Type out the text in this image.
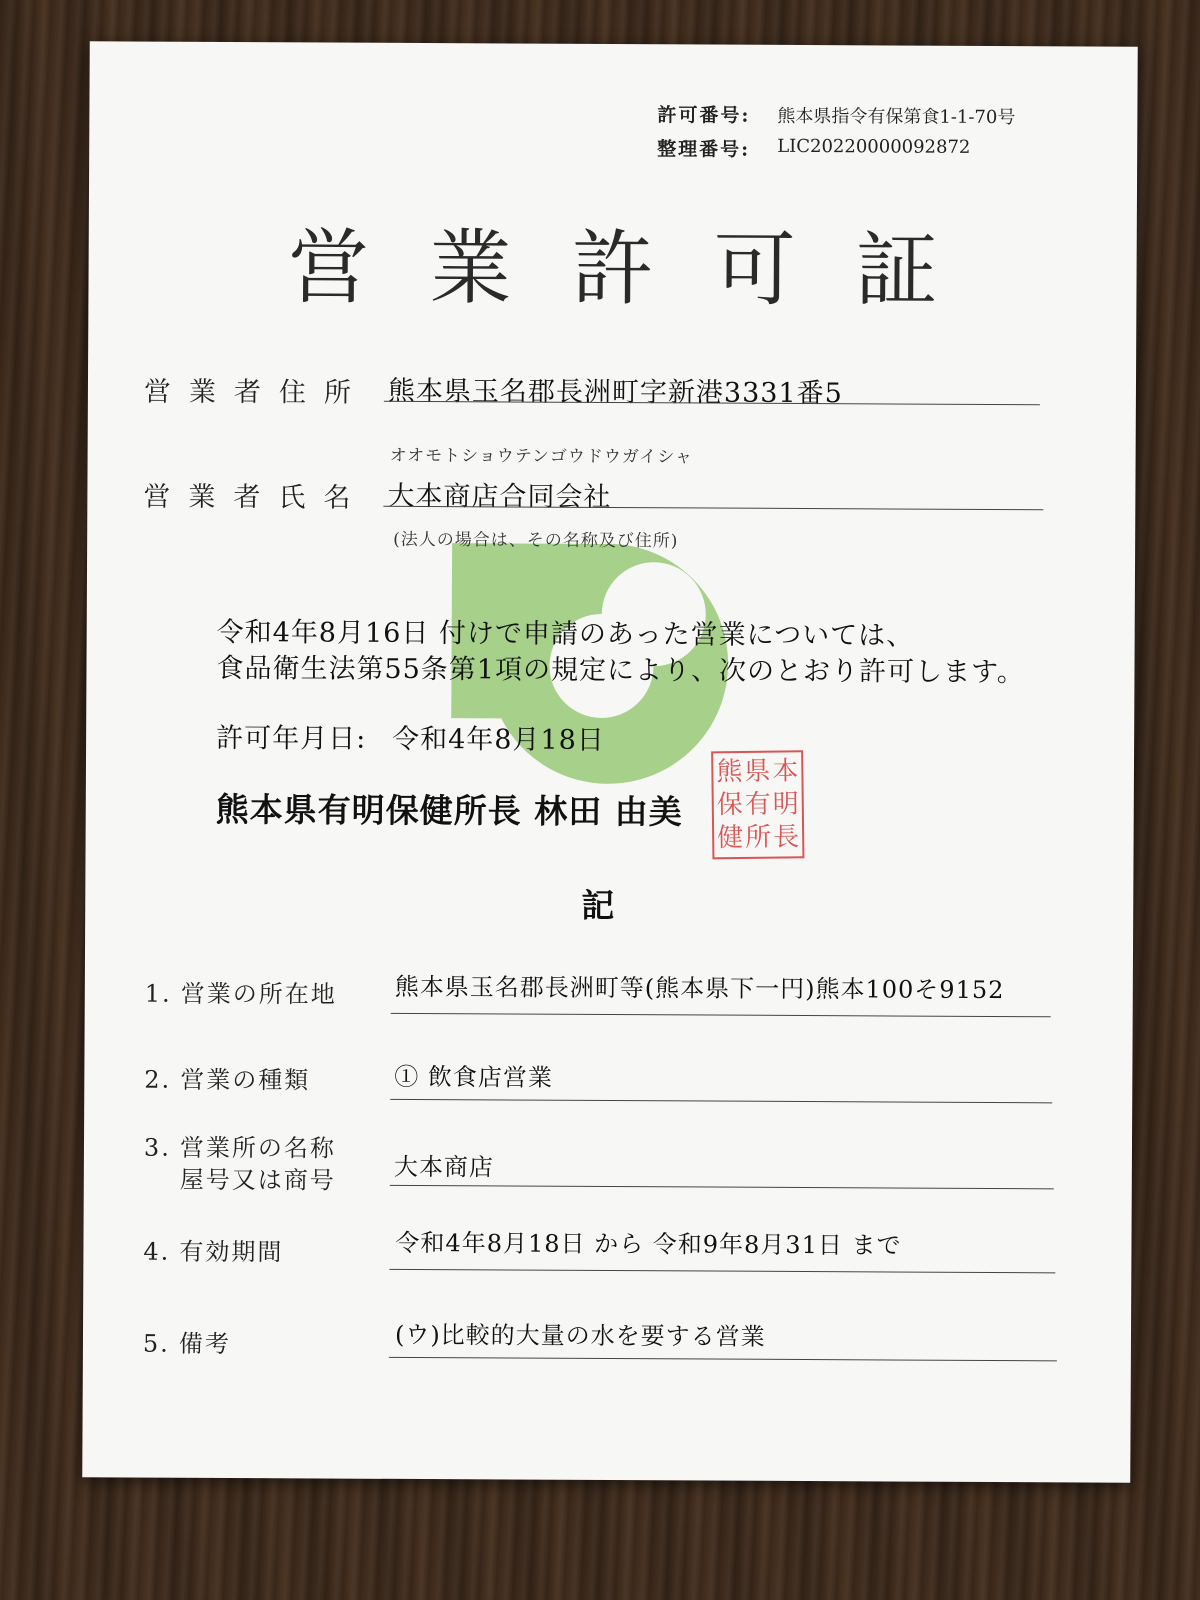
許可番号: 熊本県指令有保第食1-1-70号
整理番号: LIC20220000092872
営業許可証
営業者住所 熊本県玉名郡長洲町字新港3331番5
オオモトショウテンゴウドウガイシャ
営業者氏名 大本商店合同会社
(法人の場合は、その名称及び住所)
令和4年8月16日 付けで申請のあった営業については、
食品衛生法第55条第1項の規定により、次のとおり許可します。
許可年月日: 令和4年8月18日
熊本県有明保健所長 林田 由美
熊 県 本
保 有 明
健 所 長
記
1. 営業の所在地 熊本県玉名郡長洲町等(熊本県下一円)熊本100そ9152
2. 営業の種類	① 飲食店営業
3. 営業所の名称
屋号又は商号 大本商店
4. 有効期間	令和4年8月18日 から 令和9年8月31日 まで
5. 備考	(ウ)比較的大量の水を要する営業
